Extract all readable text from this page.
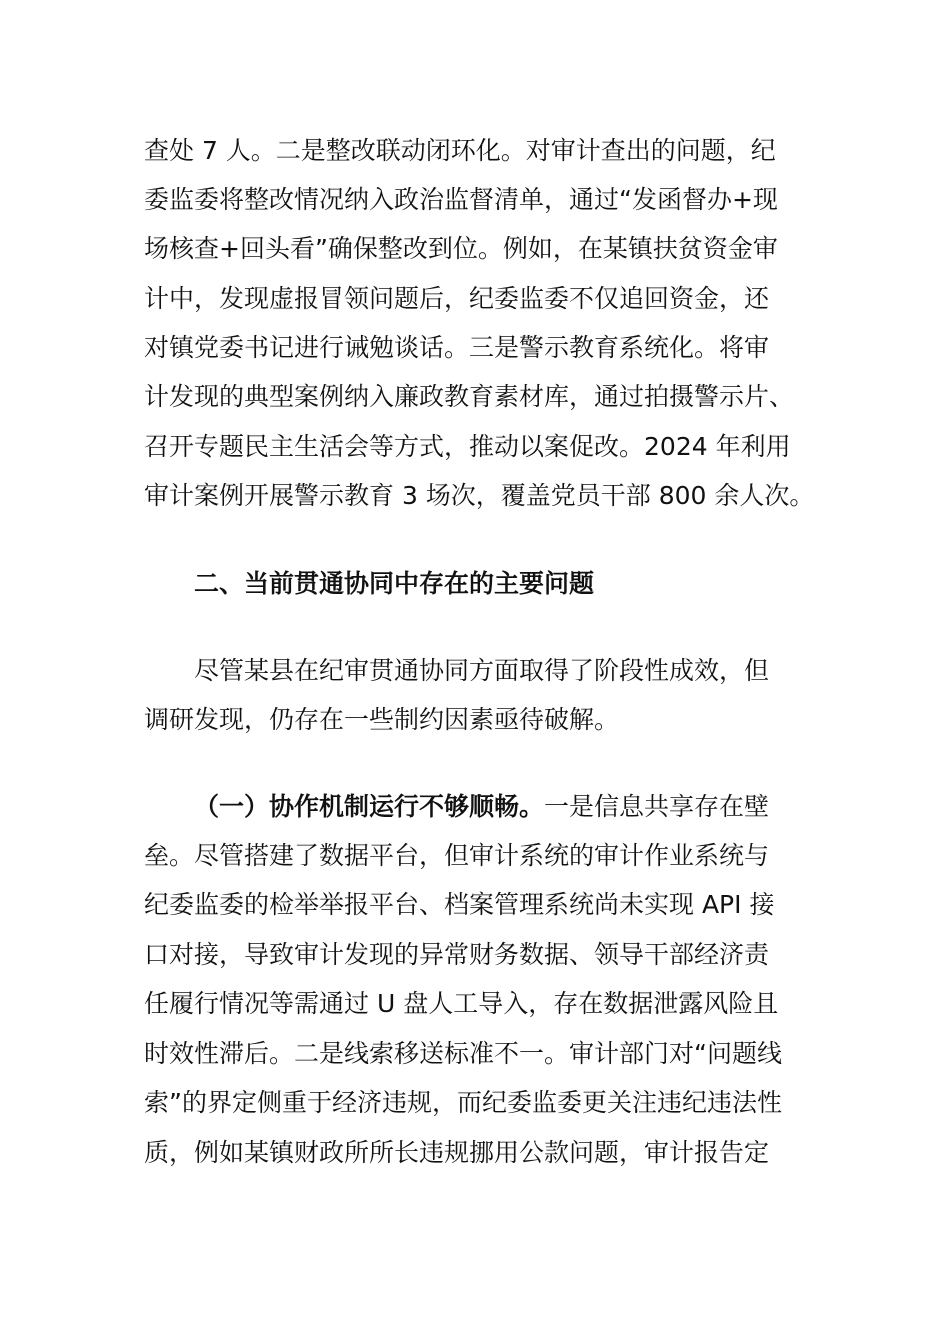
查处 7 人。二是整改联动闭环化。对审计查出的问题，纪

委监委将整改情况纳入政治监督清单，通过“发函督办+现

场核查+回头看”确保整改到位。例如，在某镇扶贫资金审

计中，发现虚报冒领问题后，纪委监委不仅追回资金，还

对镇党委书记进行诫勉谈话。三是警示教育系统化。将审

计发现的典型案例纳入廉政教育素材库，通过拍摄警示片、

召开专题民主生活会等方式，推动以案促改。2024 年利用

审计案例开展警示教育 3 场次，覆盖党员干部 800 余人次。

二、当前贯通协同中存在的主要问题

尽管某县在纪审贯通协同方面取得了阶段性成效，但

调研发现，仍存在一些制约因素亟待破解。

（一）协作机制运行不够顺畅。一是信息共享存在壁

垒。尽管搭建了数据平台，但审计系统的审计作业系统与

纪委监委的检举举报平台、档案管理系统尚未实现 API 接

口对接，导致审计发现的异常财务数据、领导干部经济责

任履行情况等需通过 U 盘人工导入，存在数据泄露风险且

时效性滞后。二是线索移送标准不一。审计部门对“问题线

索”的界定侧重于经济违规，而纪委监委更关注违纪违法性

质，例如某镇财政所所长违规挪用公款问题，审计报告定
